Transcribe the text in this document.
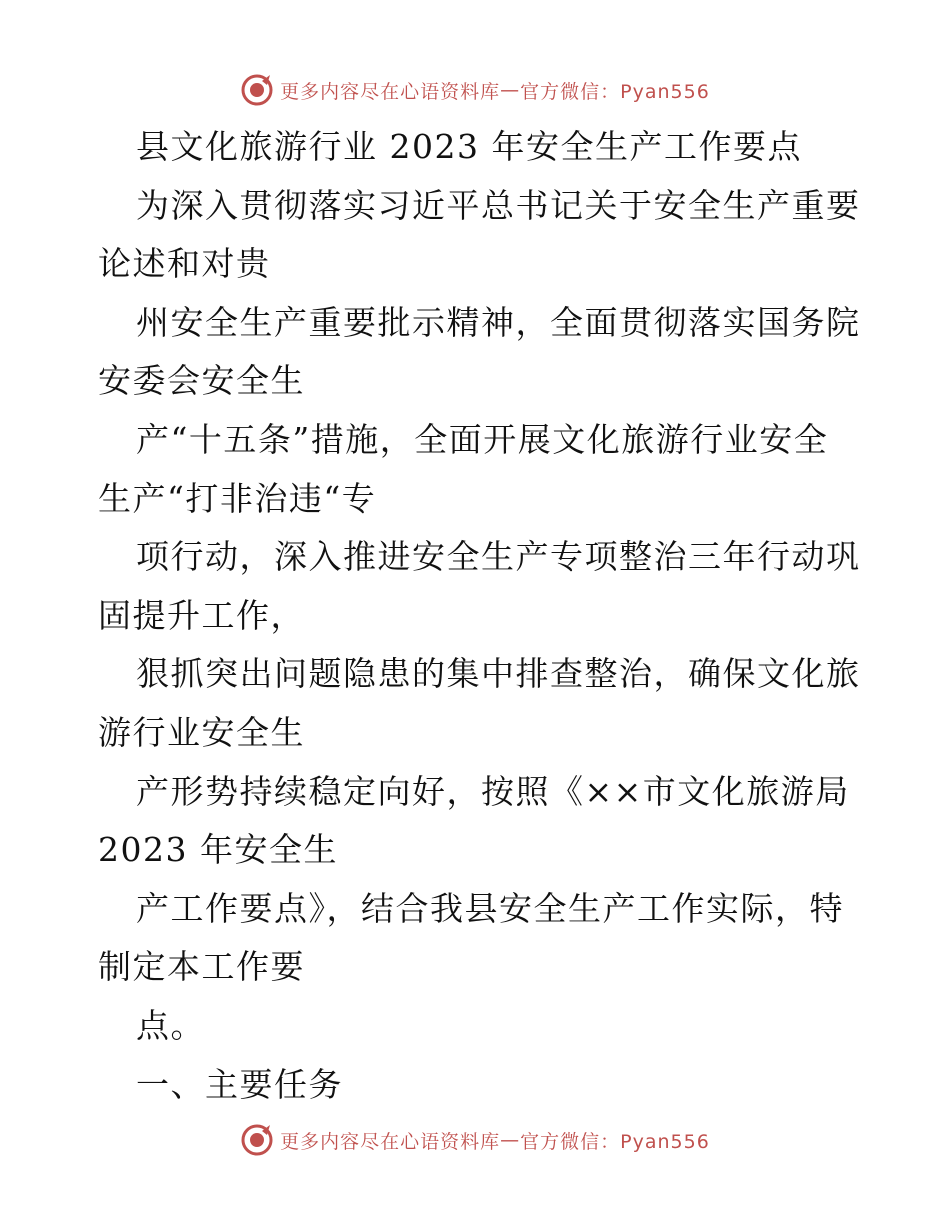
更多内容尽在心语资料库 — 官方微信：Pyan556
县文化旅游行业 2023 年安全生产工作要点
为深入贯彻落实习近平总书记关于安全生产重要
论述和对贵
州安全生产重要批示精神，全面贯彻落实国务院
安委会安全生
产“十五条”措施，全面开展文化旅游行业安全
生产“打非治违“专
项行动，深入推进安全生产专项整治三年行动巩
固提升工作，
狠抓突出问题隐患的集中排查整治，确保文化旅
游行业安全生
产形势持续稳定向好，按照《××市文化旅游局
2023 年安全生
产工作要点》，结合我县安全生产工作实际，特
制定本工作要
点。
一、主要任务
更多内容尽在心语资料库 — 官方微信：Pyan556
